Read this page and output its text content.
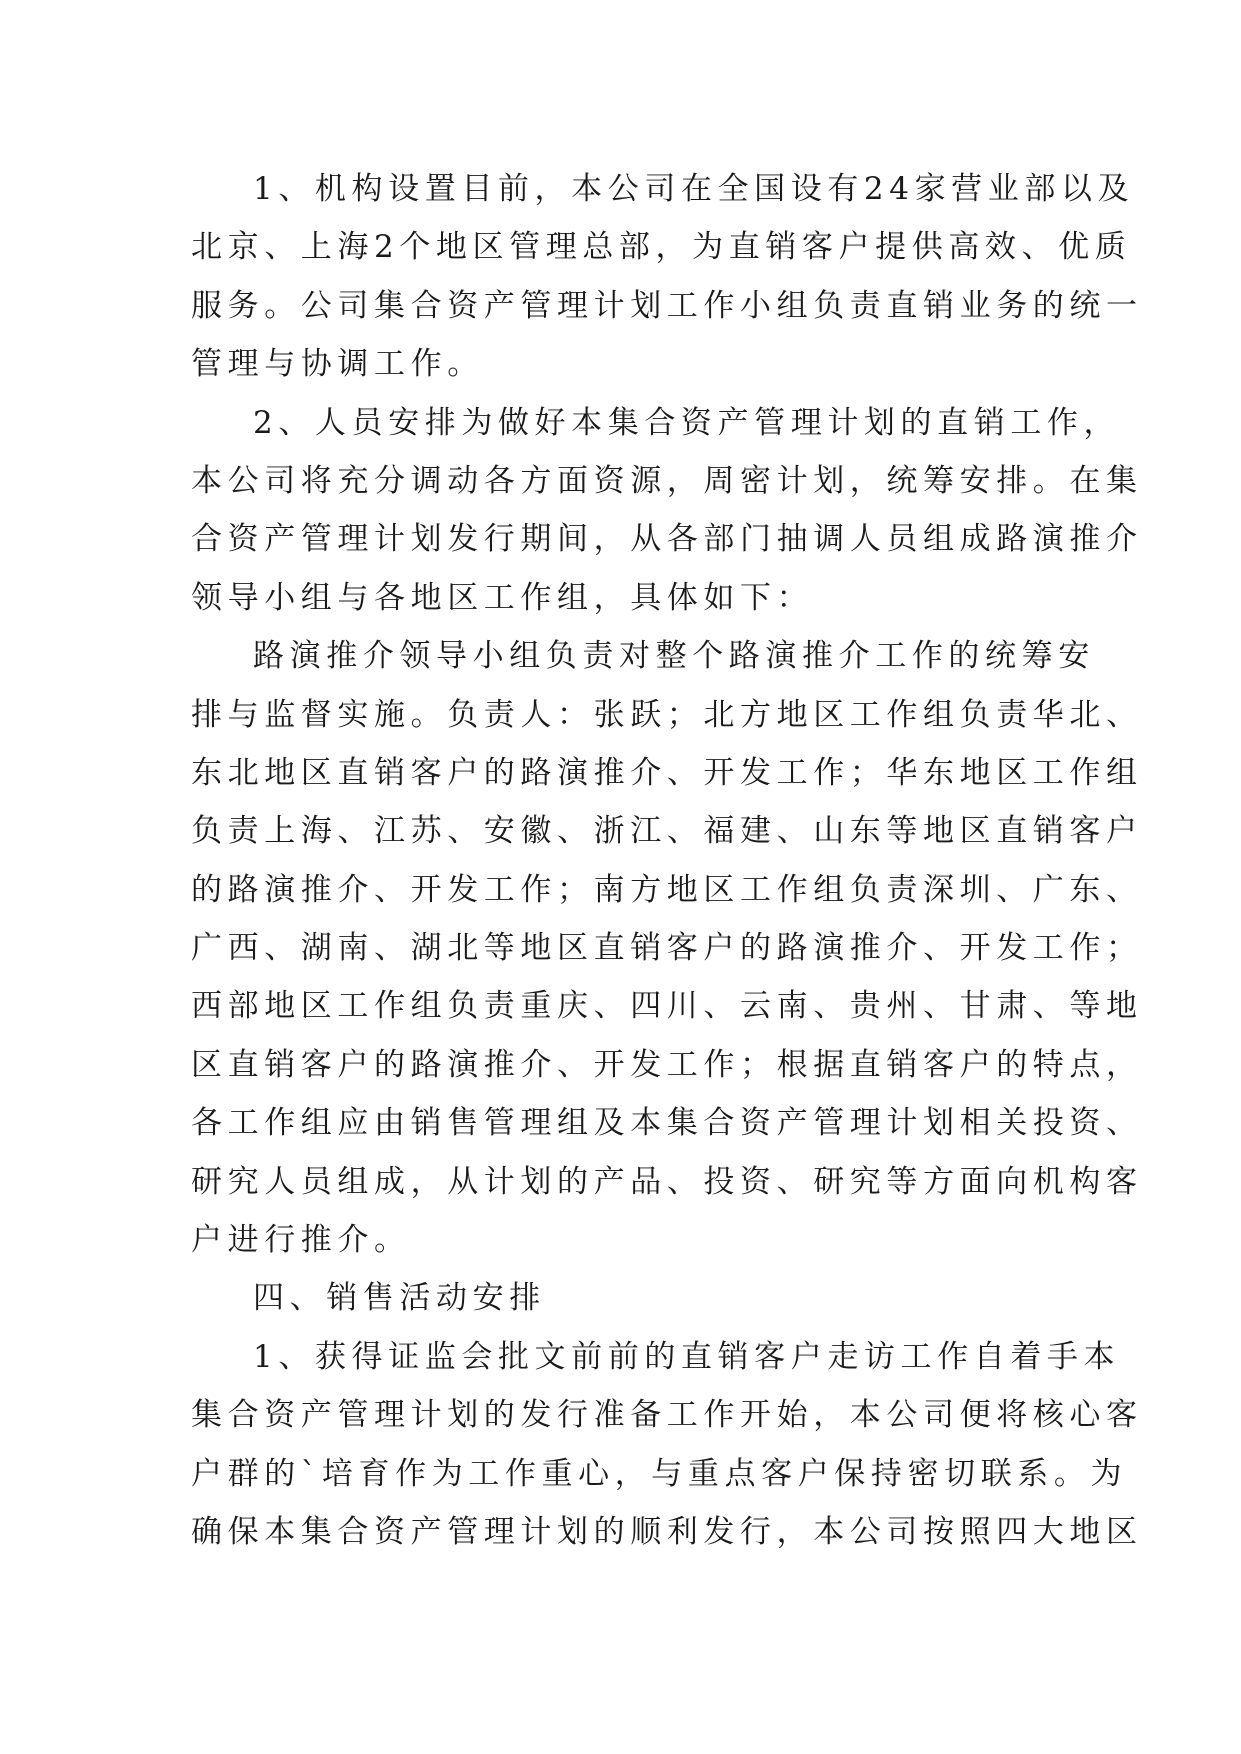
1、机构设置目前，本公司在全国设有24家营业部以及
北京、上海2个地区管理总部，为直销客户提供高效、优质
服务。公司集合资产管理计划工作小组负责直销业务的统一
管理与协调工作。
2、人员安排为做好本集合资产管理计划的直销工作，
本公司将充分调动各方面资源，周密计划，统筹安排。在集
合资产管理计划发行期间，从各部门抽调人员组成路演推介
领导小组与各地区工作组，具体如下：
路演推介领导小组负责对整个路演推介工作的统筹安
排与监督实施。负责人：张跃；北方地区工作组负责华北、
东北地区直销客户的路演推介、开发工作；华东地区工作组
负责上海、江苏、安徽、浙江、福建、山东等地区直销客户
的路演推介、开发工作；南方地区工作组负责深圳、广东、
广西、湖南、湖北等地区直销客户的路演推介、开发工作；
西部地区工作组负责重庆、四川、云南、贵州、甘肃、等地
区直销客户的路演推介、开发工作；根据直销客户的特点，
各工作组应由销售管理组及本集合资产管理计划相关投资、
研究人员组成，从计划的产品、投资、研究等方面向机构客
户进行推介。
四、销售活动安排
1、获得证监会批文前前的直销客户走访工作自着手本
集合资产管理计划的发行准备工作开始，本公司便将核心客
户群的`培育作为工作重心，与重点客户保持密切联系。为
确保本集合资产管理计划的顺利发行，本公司按照四大地区
